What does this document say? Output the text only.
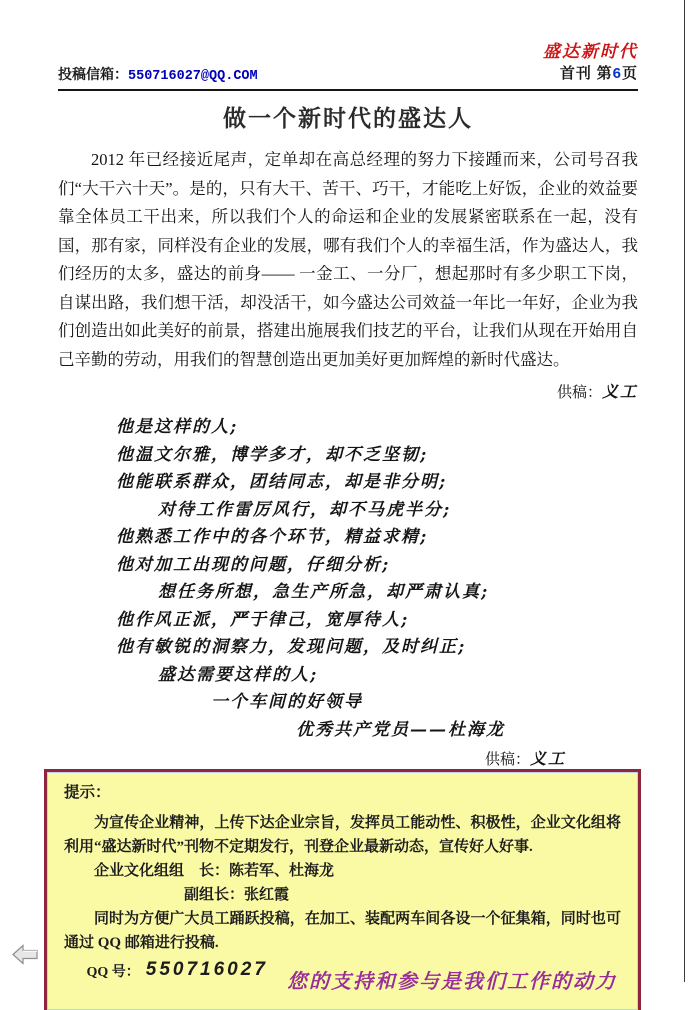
投稿信箱：550716027@QQ.COM
盛达新时代
首刊 第6页
做一个新时代的盛达人
2012 年已经接近尾声，定单却在高总经理的努力下接踵而来，公司号召我们“大干六十天”。是的，只有大干、苦干、巧干，才能吃上好饭，企业的效益要靠全体员工干出来，所以我们个人的命运和企业的发展紧密联系在一起，没有国，那有家，同样没有企业的发展，哪有我们个人的幸福生活，作为盛达人，我们经历的太多，盛达的前身—— 一金工、一分厂，想起那时有多少职工下岗，自谋出路，我们想干活，却没活干，如今盛达公司效益一年比一年好，企业为我们创造出如此美好的前景，搭建出施展我们技艺的平台，让我们从现在开始用自己辛勤的劳动，用我们的智慧创造出更加美好更加辉煌的新时代盛达。
供稿：义工
他是这样的人;
他温文尔雅，博学多才，却不乏坚韧;
他能联系群众，团结同志，却是非分明;
对待工作雷厉风行，却不马虎半分;
他熟悉工作中的各个环节，精益求精;
他对加工出现的问题，仔细分析;
想任务所想，急生产所急，却严肃认真;
他作风正派，严于律己，宽厚待人;
他有敏锐的洞察力，发现问题，及时纠正;
盛达需要这样的人;
一个车间的好领导
优秀共产党员——杜海龙
供稿：义工
提示：
为宣传企业精神，上传下达企业宗旨，发挥员工能动性、积极性，企业文化组将利用“盛达新时代”刊物不定期发行，刊登企业最新动态，宣传好人好事.
企业文化组组　长：陈若军、杜海龙
副组长：张红霞
同时为方便广大员工踊跃投稿，在加工、装配两车间各设一个征集箱，同时也可通过 QQ 邮箱进行投稿.
QQ 号： 550716027 您的支持和参与是我们工作的动力
